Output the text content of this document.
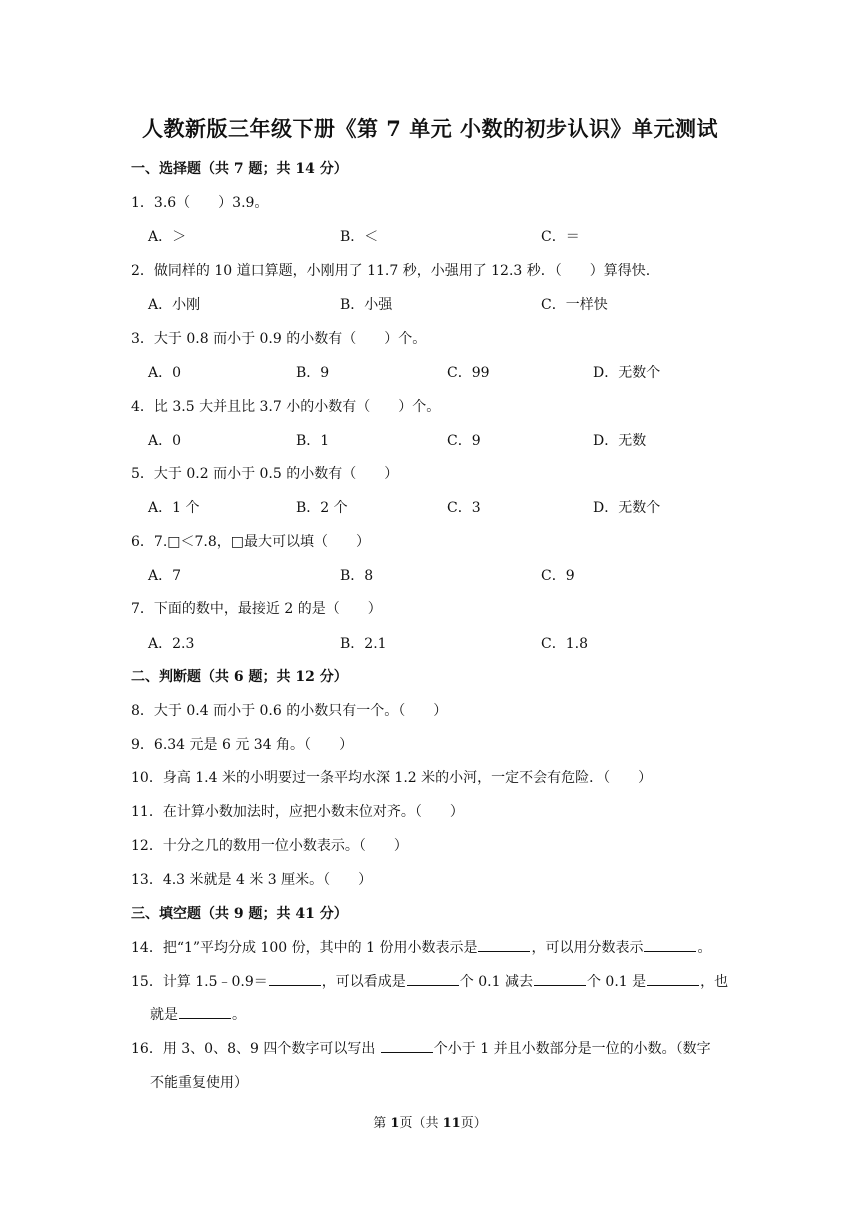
人教新版三年级下册《第 7 单元 小数的初步认识》单元测试
一、选择题（共 7 题；共 14 分）
1．3.6（ ）3.9。
A．＞	B．＜	C．＝
2．做同样的 10 道口算题，小刚用了 11.7 秒，小强用了 12.3 秒．（ ）算得快.
A．小刚	B．小强	C．一样快
3．大于 0.8 而小于 0.9 的小数有（ ）个。
A．0	B．9	C．99	D．无数个
4．比 3.5 大并且比 3.7 小的小数有（ ）个。
A．0	B．1	C．9	D．无数
5．大于 0.2 而小于 0.5 的小数有（ ）
A．1 个	B．2 个	C．3	D．无数个
6．7.□＜7.8，□最大可以填（ ）
A．7	B．8	C．9
7．下面的数中，最接近 2 的是（ ）
A．2.3	B．2.1	C．1.8
二、判断题（共 6 题；共 12 分）
8．大于 0.4 而小于 0.6 的小数只有一个。（ ）
9．6.34 元是 6 元 34 角。（ ）
10．身高 1.4 米的小明要过一条平均水深 1.2 米的小河，一定不会有危险．（ ）
11．在计算小数加法时，应把小数末位对齐。（ ）
12．十分之几的数用一位小数表示。（ ）
13．4.3 米就是 4 米 3 厘米。（ ）
三、填空题（共 9 题；共 41 分）
14．把“1”平均分成 100 份，其中的 1 份用小数表示是	，可以用分数表示	。
15．计算 1.5﹣0.9＝	，可以看成是	个 0.1 减去	个 0.1 是	，也
就是	。
16．用 3、0、8、9 四个数字可以写出	个小于 1 并且小数部分是一位的小数。（数字
不能重复使用）
第 1页（共 11页）
